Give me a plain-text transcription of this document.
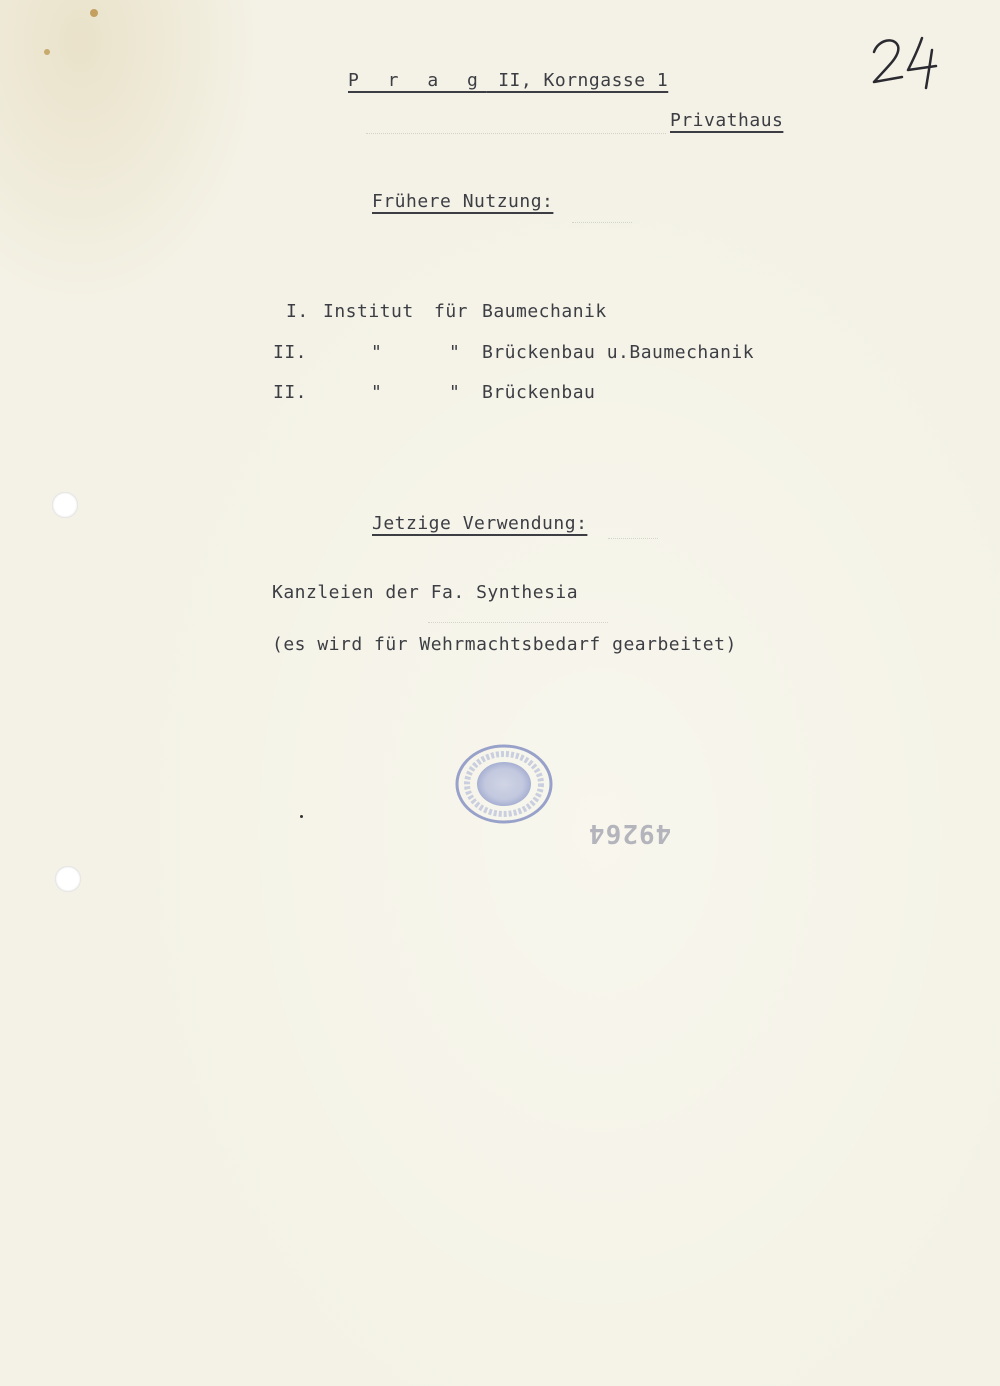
P r a g II, Korngasse 1
Privathaus
Frühere Nutzung:
I. Institut für Baumechanik
II.	"	" Brückenbau u.Baumechanik
II.	"	" Brückenbau
Jetzige Verwendung:
Kanzleien der Fa. Synthesia
(es wird für Wehrmachtsbedarf gearbeitet)
49264
